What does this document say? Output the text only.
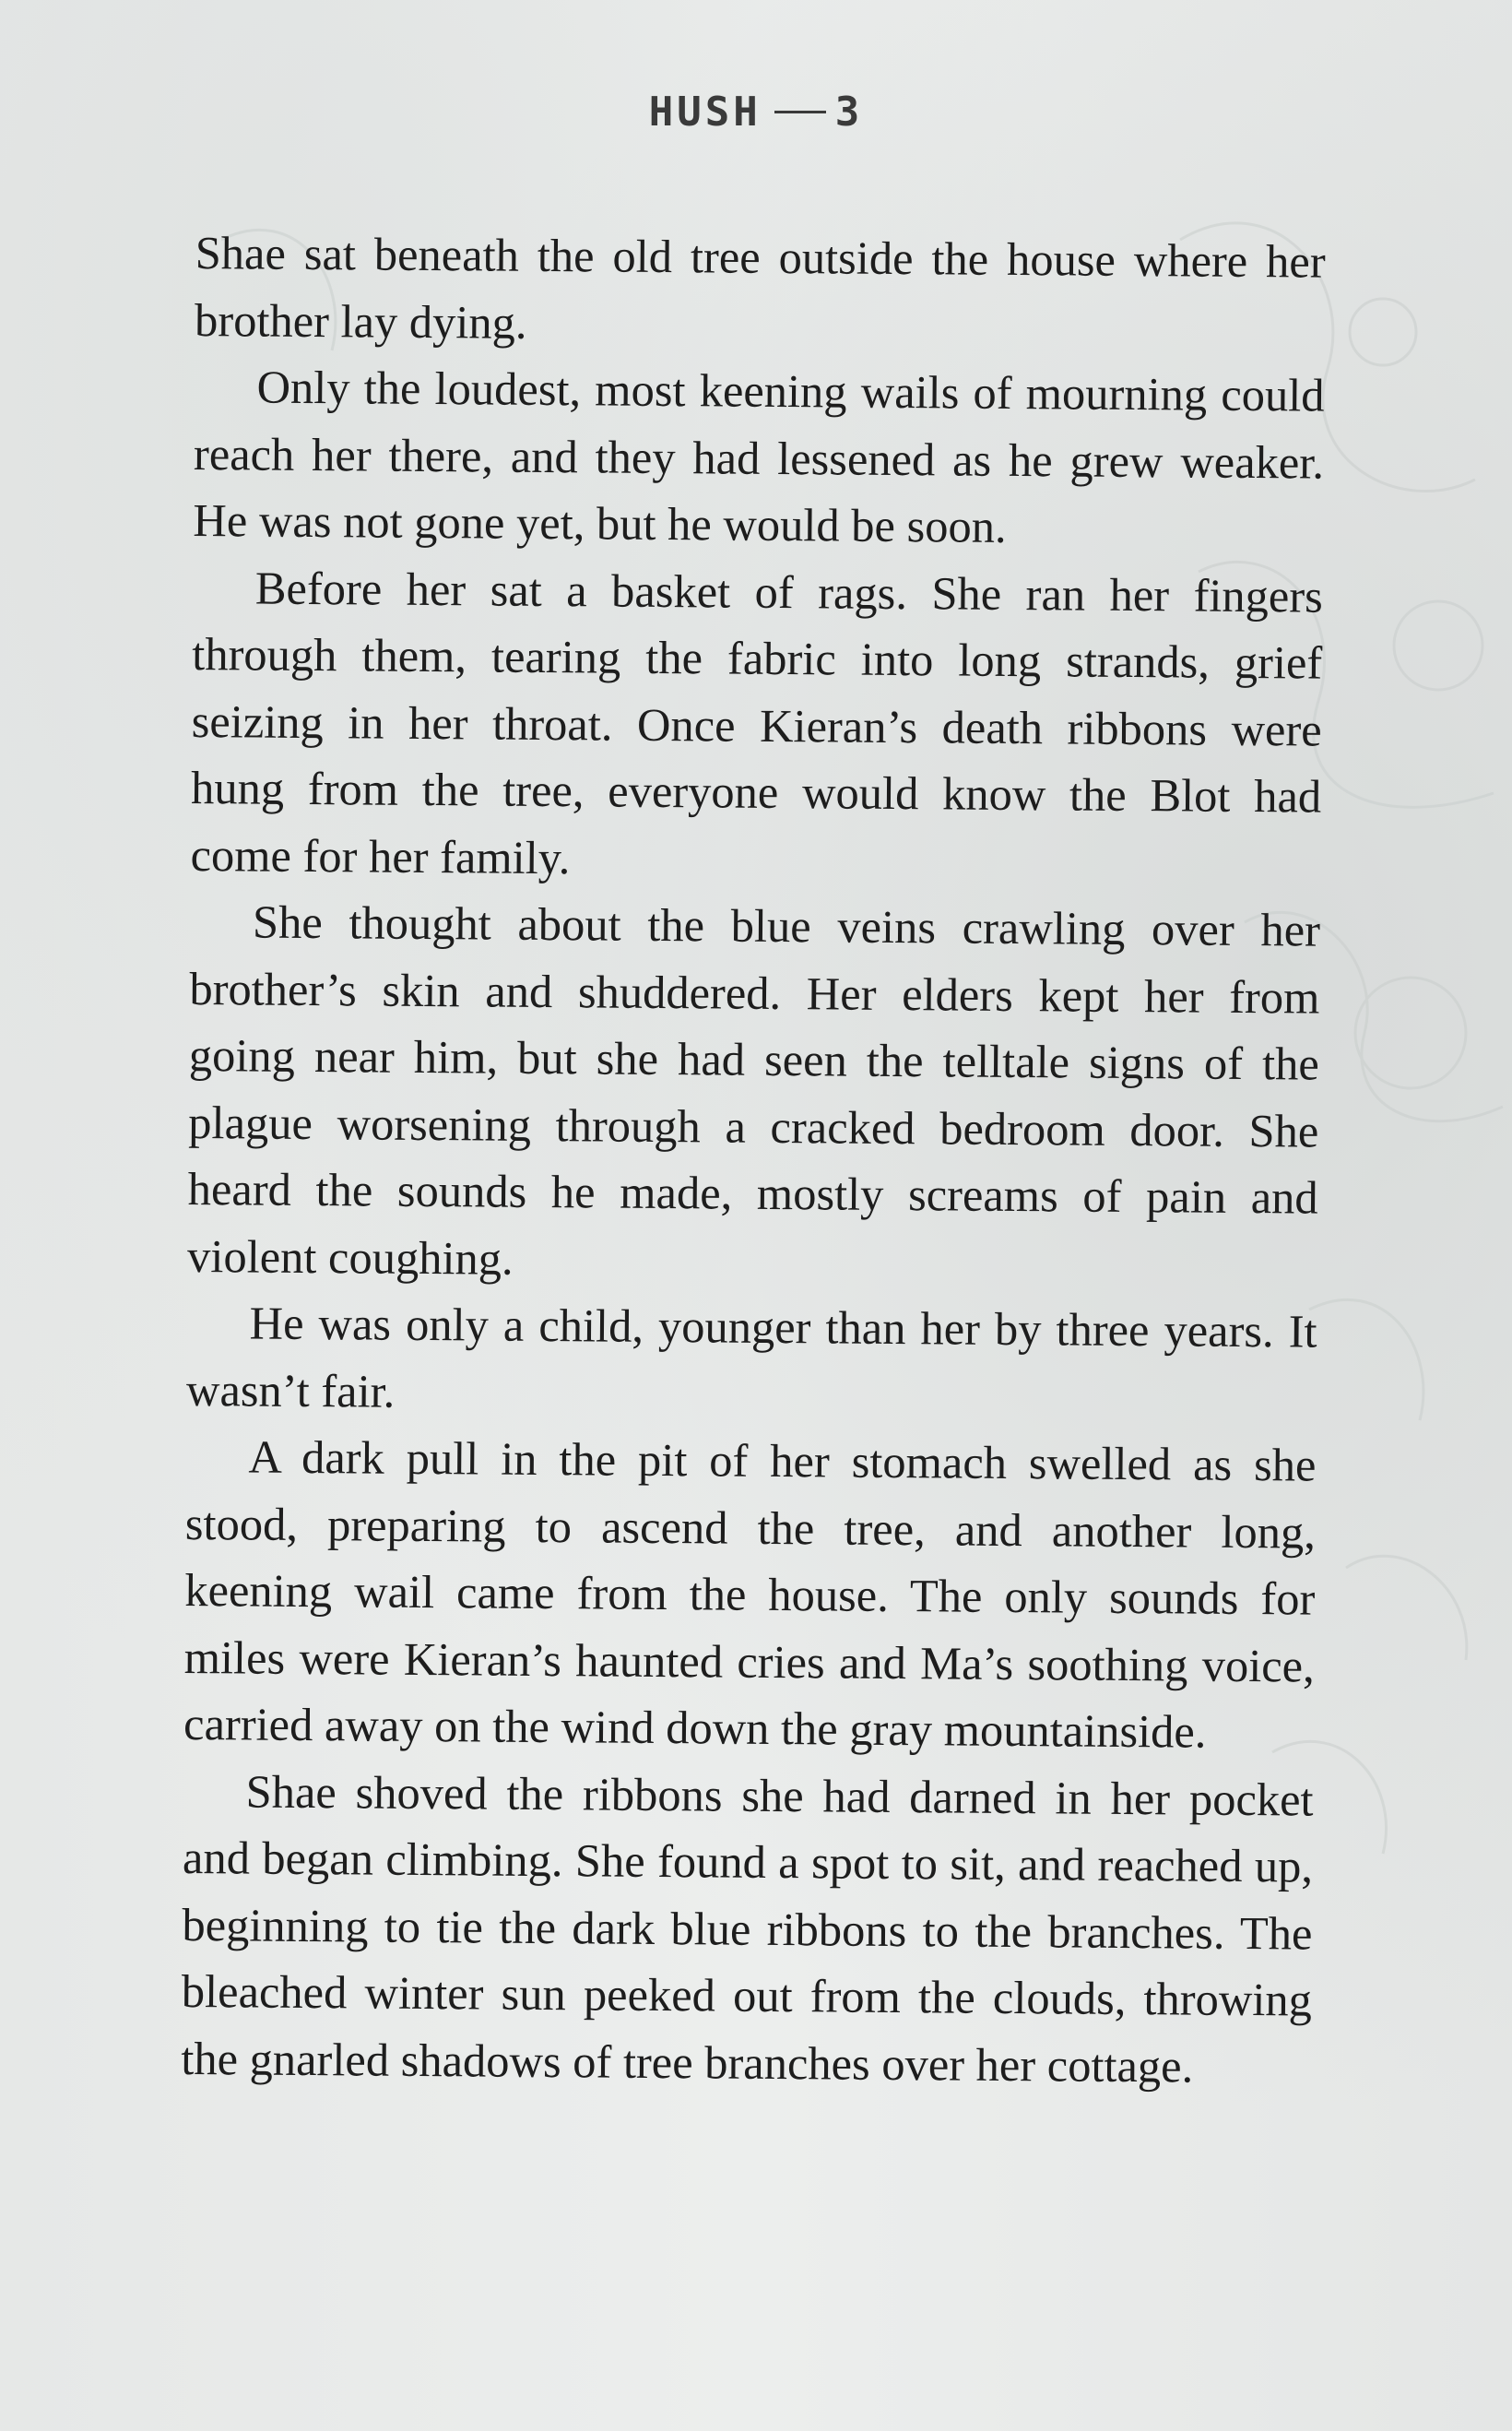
HUSH 3

Shae sat beneath the old tree outside the house where her brother lay dying.

Only the loudest, most keening wails of mourning could reach her there, and they had lessened as he grew weaker. He was not gone yet, but he would be soon.

Before her sat a basket of rags. She ran her fingers through them, tearing the fabric into long strands, grief seizing in her throat. Once Kieran’s death ribbons were hung from the tree, everyone would know the Blot had come for her family.

She thought about the blue veins crawling over her brother’s skin and shuddered. Her elders kept her from going near him, but she had seen the telltale signs of the plague worsening through a cracked bedroom door. She heard the sounds he made, mostly screams of pain and violent coughing.

He was only a child, younger than her by three years. It wasn’t fair.

A dark pull in the pit of her stomach swelled as she stood, preparing to ascend the tree, and another long, keening wail came from the house. The only sounds for miles were Kieran’s haunted cries and Ma’s soothing voice, carried away on the wind down the gray mountainside.

Shae shoved the ribbons she had darned in her pocket and began climbing. She found a spot to sit, and reached up, beginning to tie the dark blue ribbons to the branches. The bleached winter sun peeked out from the clouds, throwing the gnarled shadows of tree branches over her cottage.
